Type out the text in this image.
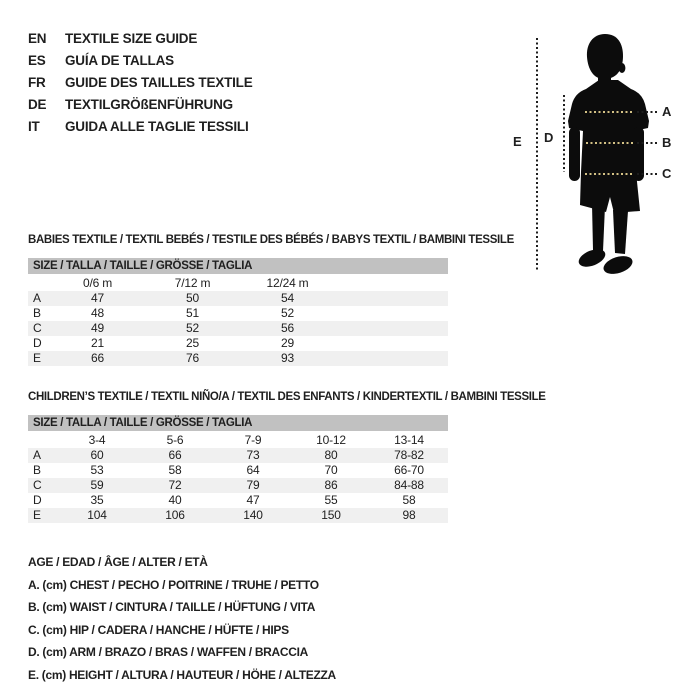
EN	TEXTILE SIZE GUIDE
ES	GUÍA DE TALLAS
FR	GUIDE DES TAILLES TEXTILE
DE	TEXTILGRÖßENFÜHRUNG
IT	GUIDA ALLE TAGLIE TESSILI
E D
A
B
C
BABIES TEXTILE / TEXTIL BEBÉS / TESTILE DES BÉBÉS / BABYS TEXTIL / BAMBINI TESSILE
SIZE / TALLA / TAILLE / GRÖSSE / TAGLIA
0/6 m	7/12 m	12/24 m
A	47	50	54
B	48	51	52
C	49	52	56
D	21	25	29
E	66	76	93
CHILDREN’S TEXTILE / TEXTIL NIÑO/A / TEXTIL DES ENFANTS / KINDERTEXTIL / BAMBINI TESSILE
SIZE / TALLA / TAILLE / GRÖSSE / TAGLIA
3-4	5-6	7-9	10-12	13-14
A	60	66	73	80	78-82
B	53	58	64	70	66-70
C	59	72	79	86	84-88
D	35	40	47	55	58
E	104	106	140	150	98
AGE / EDAD / ÂGE / ALTER / ETÀ
A. (cm) CHEST / PECHO / POITRINE / TRUHE / PETTO
B. (cm) WAIST / CINTURA / TAILLE / HÜFTUNG / VITA
C. (cm) HIP / CADERA / HANCHE / HÜFTE / HIPS
D. (cm) ARM / BRAZO / BRAS / WAFFEN / BRACCIA
E. (cm) HEIGHT / ALTURA / HAUTEUR / HÖHE / ALTEZZA
